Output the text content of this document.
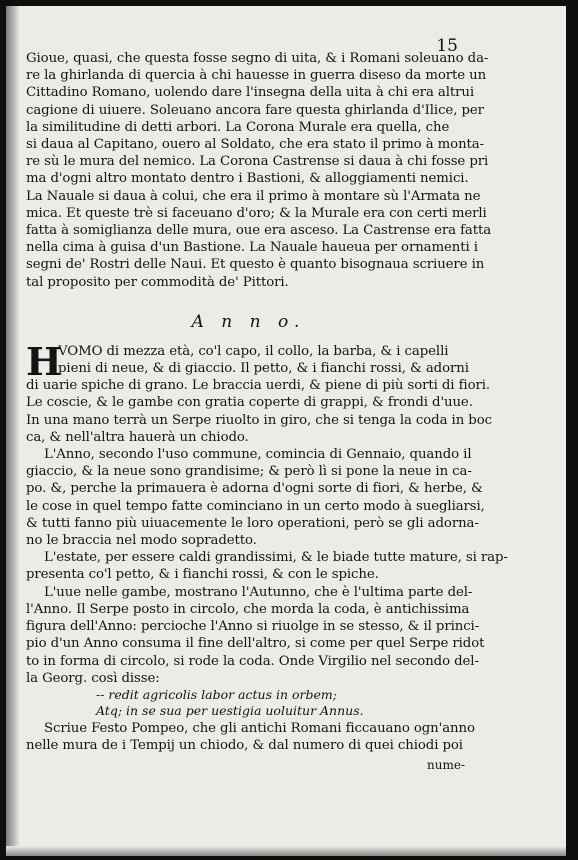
15
Gioue, quasi, che questa fosse segno di uita, & i Romani soleuano da-
re la ghirlanda di quercia à chi hauesse in guerra diseso da morte un
Cittadino Romano, uolendo dare l'insegna della uita à chi era altrui
cagione di uiuere. Soleuano ancora fare questa ghirlanda d'Ilice, per
la similitudine di detti arbori. La Corona Murale era quella, che
si daua al Capitano, ouero al Soldato, che era stato il primo à monta-
re sù le mura del nemico. La Corona Castrense si daua à chi fosse pri
ma d'ogni altro montato dentro i Bastioni, & alloggiamenti nemici.
La Nauale si daua à colui, che era il primo à montare sù l'Armata ne
mica. Et queste trè si faceuano d'oro; & la Murale era con certi merli
fatta à somiglianza delle mura, oue era asceso. La Castrense era fatta
nella cima à guisa d'un Bastione. La Nauale haueua per ornamenti i
segni de' Rostri delle Naui. Et questo è quanto bisognaua scriuere in
tal proposito per commodità de' Pittori.
A n n o.
H
VOMO di mezza età, co'l capo, il collo, la barba, & i capelli
pieni di neue, & di giaccio. Il petto, & i fianchi rossi, & adorni
di uarie spiche di grano. Le braccia uerdi, & piene di più sorti di fiori.
Le coscie, & le gambe con gratia coperte di grappi, & frondi d'uue.
In una mano terrà un Serpe riuolto in giro, che si tenga la coda in boc
ca, & nell'altra hauerà un chiodo.
L'Anno, secondo l'uso commune, comincia di Gennaio, quando il
giaccio, & la neue sono grandisime; & però lì si pone la neue in ca-
po. &, perche la primauera è adorna d'ogni sorte di fiori, & herbe, &
le cose in quel tempo fatte cominciano in un certo modo à suegliarsi,
& tutti fanno più uiuacemente le loro operationi, però se gli adorna-
no le braccia nel modo sopradetto.
L'estate, per essere caldi grandissimi, & le biade tutte mature, si rap-
presenta co'l petto, & i fianchi rossi, & con le spiche.
L'uue nelle gambe, mostrano l'Autunno, che è l'ultima parte del-
l'Anno. Il Serpe posto in circolo, che morda la coda, è antichissima
figura dell'Anno: percioche l'Anno si riuolge in se stesso, & il princi-
pio d'un Anno consuma il fine dell'altro, si come per quel Serpe ridot
to in forma di circolo, si rode la coda. Onde Virgilio nel secondo del-
la Georg. così disse:
-- redit agricolis labor actus in orbem;
Atq; in se sua per uestigia uoluitur Annus.
Scriue Festo Pompeo, che gli antichi Romani ficcauano ogn'anno
nelle mura de i Tempij un chiodo, & dal numero di quei chiodi poi
nume-
